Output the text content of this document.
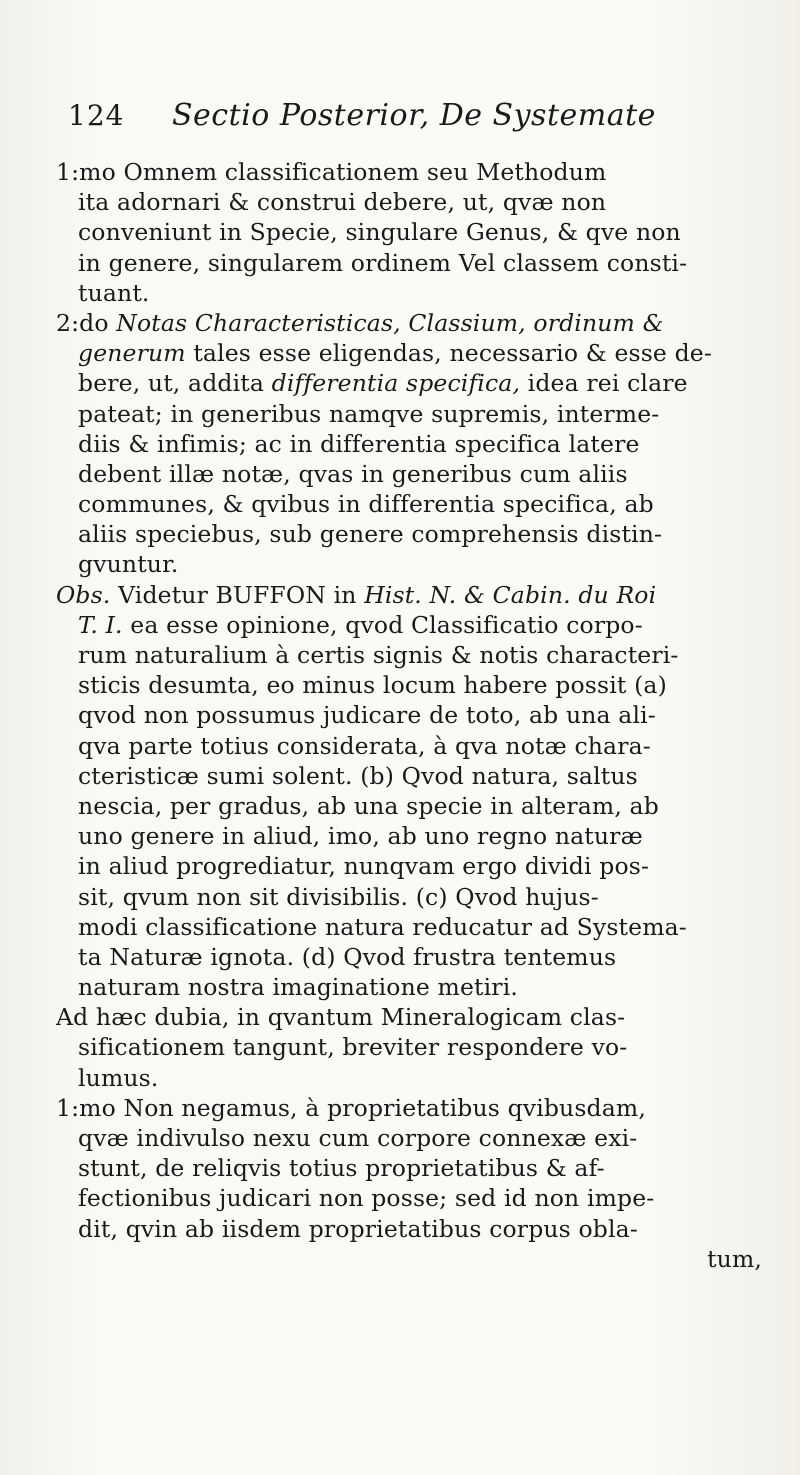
124 Sectio Posterior, De Systemate
1:mo Omnem classificationem seu Methodum
ita adornari & construi debere, ut, qvæ non
conveniunt in Specie, singulare Genus, & qve non
in genere, singularem ordinem Vel classem consti-
tuant.
2:do Notas Characteristicas, Classium, ordinum &
generum tales esse eligendas, necessario & esse de-
bere, ut, addita differentia specifica, idea rei clare
pateat; in generibus namqve supremis, interme-
diis & infimis; ac in differentia specifica latere
debent illæ notæ, qvas in generibus cum aliis
communes, & qvibus in differentia specifica, ab
aliis speciebus, sub genere comprehensis distin-
gvuntur.
Obs. Videtur BUFFON in Hist. N. & Cabin. du Roi
T. I. ea esse opinione, qvod Classificatio corpo-
rum naturalium à certis signis & notis characteri-
sticis desumta, eo minus locum habere possit (a)
qvod non possumus judicare de toto, ab una ali-
qva parte totius considerata, à qva notæ chara-
cteristicæ sumi solent. (b) Qvod natura, saltus
nescia, per gradus, ab una specie in alteram, ab
uno genere in aliud, imo, ab uno regno naturæ
in aliud progrediatur, nunqvam ergo dividi pos-
sit, qvum non sit divisibilis. (c) Qvod hujus-
modi classificatione natura reducatur ad Systema-
ta Naturæ ignota. (d) Qvod frustra tentemus
naturam nostra imaginatione metiri.
Ad hæc dubia, in qvantum Mineralogicam clas-
sificationem tangunt, breviter respondere vo-
lumus.
1:mo Non negamus, à proprietatibus qvibusdam,
qvæ indivulso nexu cum corpore connexæ exi-
stunt, de reliqvis totius proprietatibus & af-
fectionibus judicari non posse; sed id non impe-
dit, qvin ab iisdem proprietatibus corpus obla-
tum,
